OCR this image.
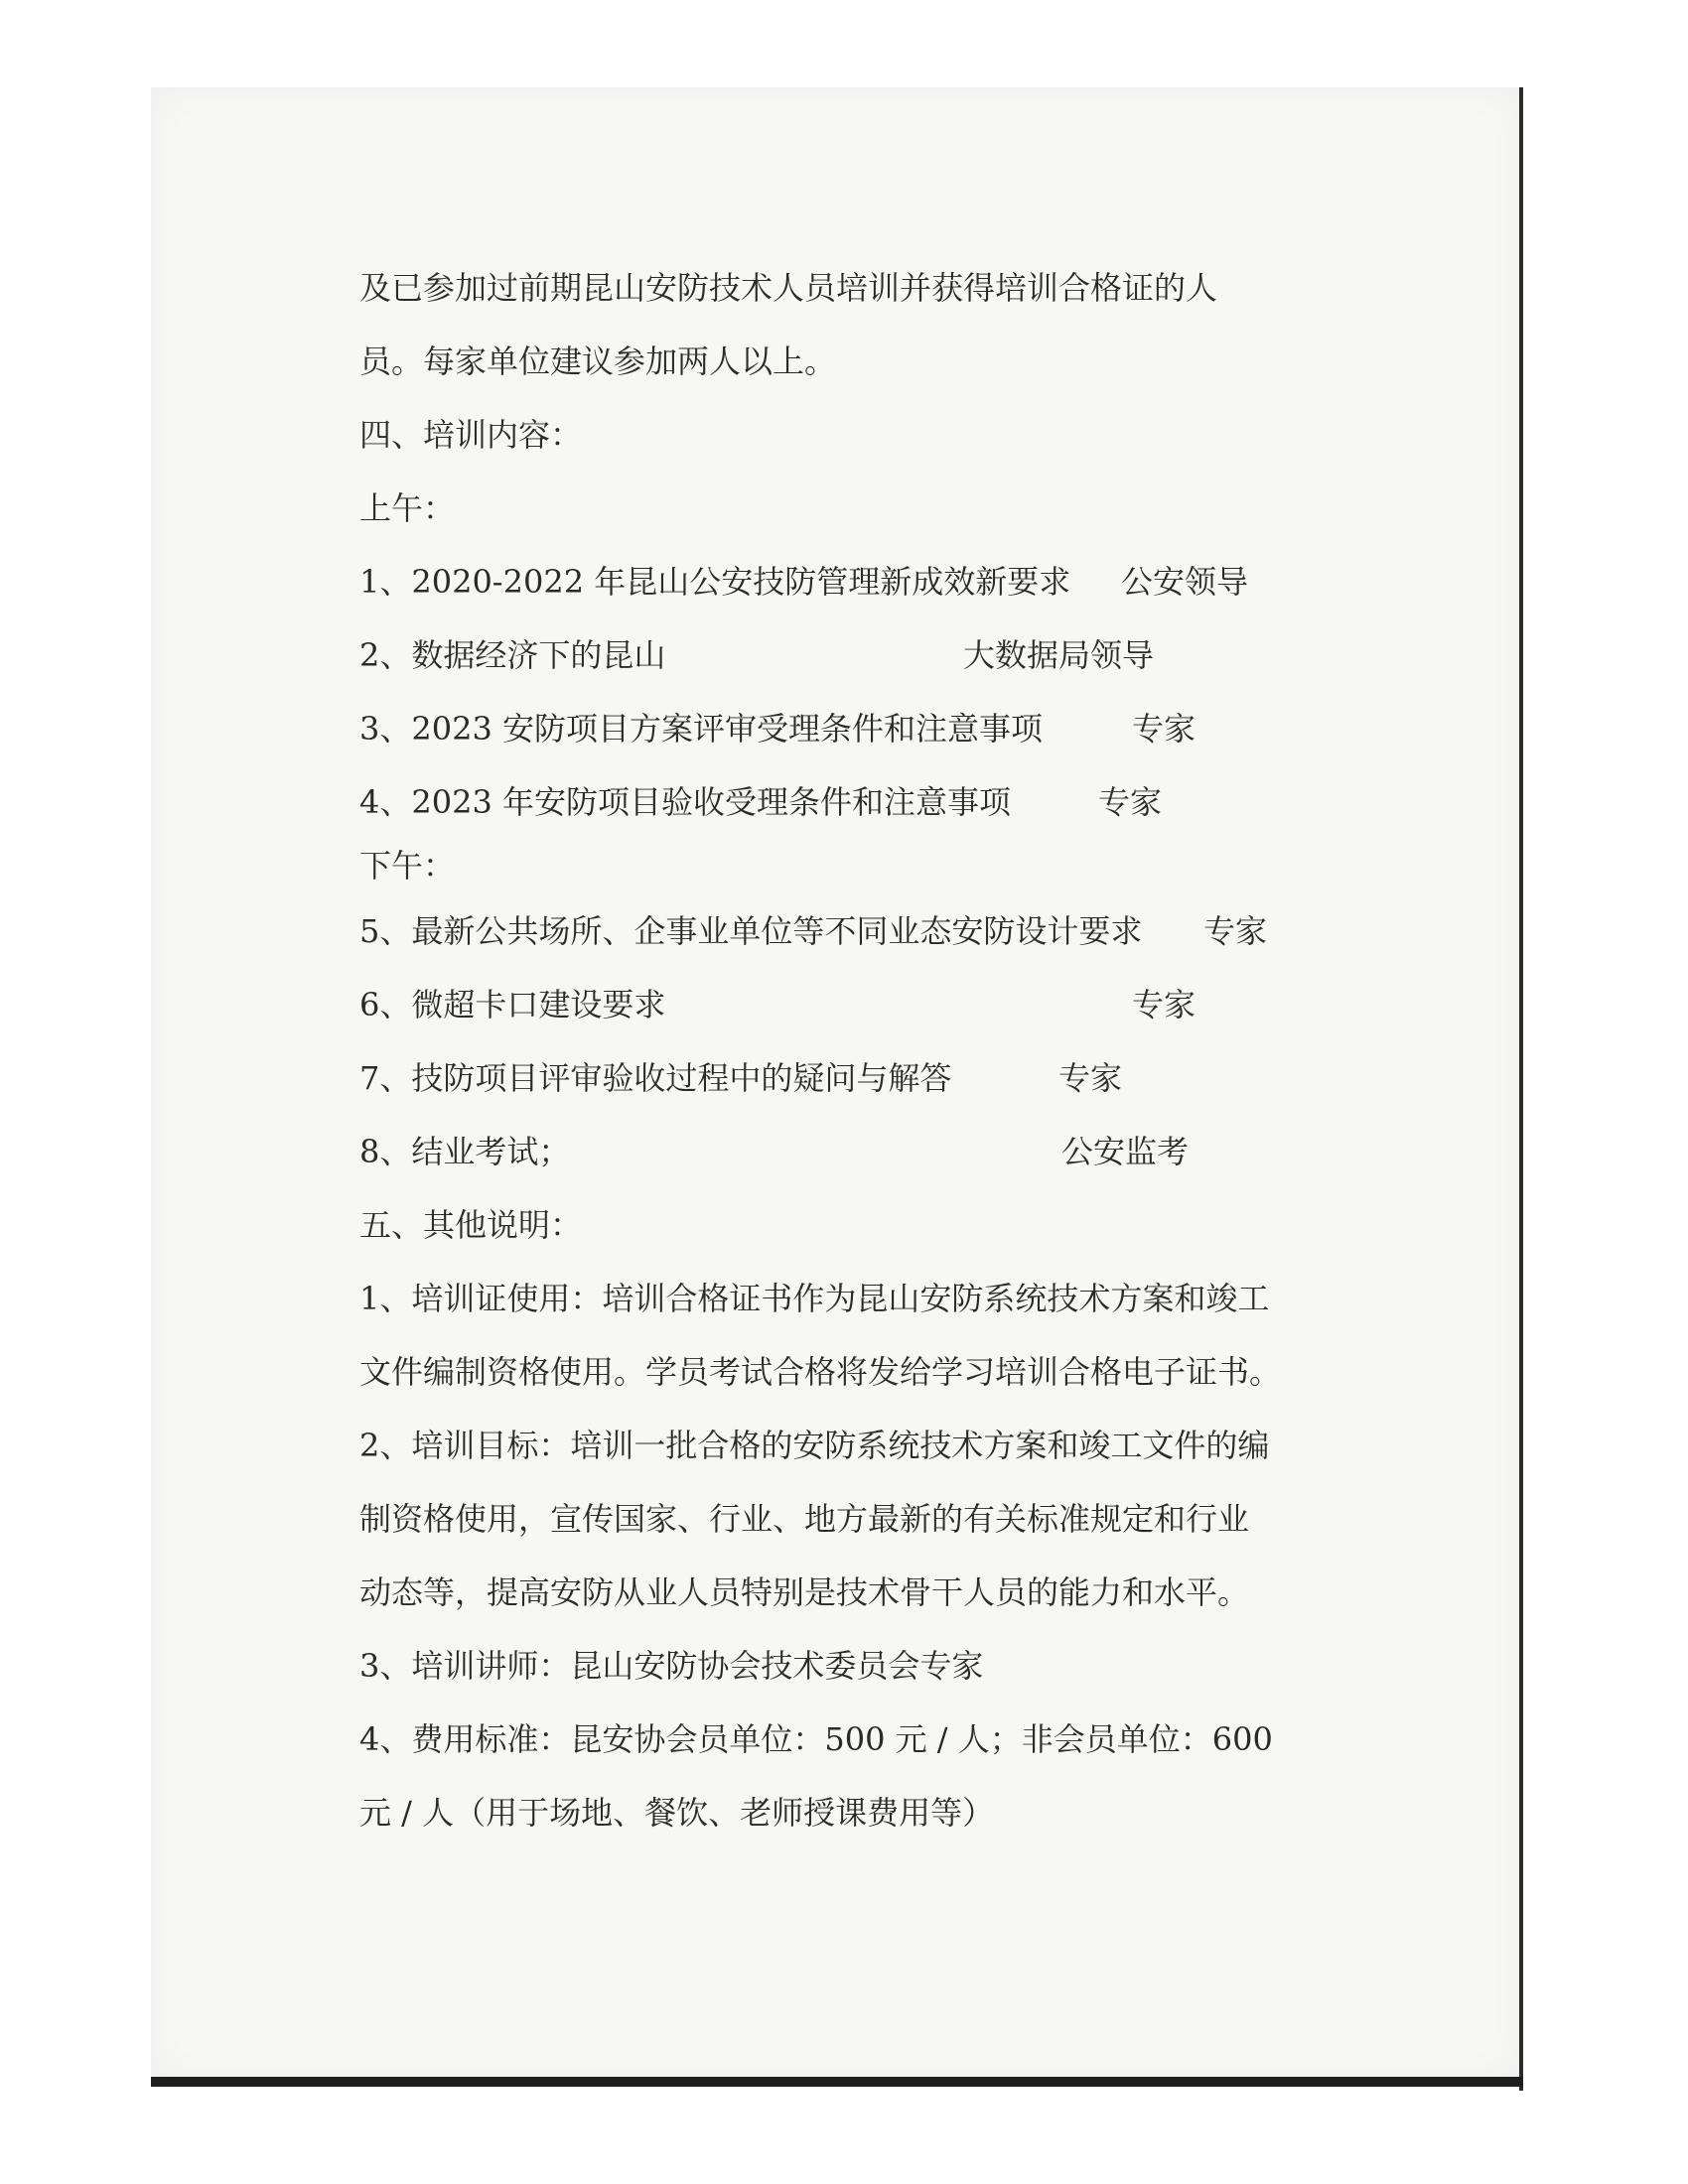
及已参加过前期昆山安防技术人员培训并获得培训合格证的人
员。每家单位建议参加两人以上。
四、培训内容：
上午：
1、2020-2022 年昆山公安技防管理新成效新要求 公安领导
2、数据经济下的昆山	大数据局领导
3、2023 安防项目方案评审受理条件和注意事项	专家
4、2023 年安防项目验收受理条件和注意事项	专家
下午：
5、最新公共场所、企事业单位等不同业态安防设计要求 专家
6、微超卡口建设要求	专家
7、技防项目评审验收过程中的疑问与解答	专家
8、结业考试；	公安监考
五、其他说明：
1、培训证使用：培训合格证书作为昆山安防系统技术方案和竣工
文件编制资格使用。学员考试合格将发给学习培训合格电子证书。
2、培训目标：培训一批合格的安防系统技术方案和竣工文件的编
制资格使用，宣传国家、行业、地方最新的有关标准规定和行业
动态等，提高安防从业人员特别是技术骨干人员的能力和水平。
3、培训讲师：昆山安防协会技术委员会专家
4、费用标准：昆安协会员单位：500 元 / 人；非会员单位：600
元 / 人（用于场地、餐饮、老师授课费用等）
